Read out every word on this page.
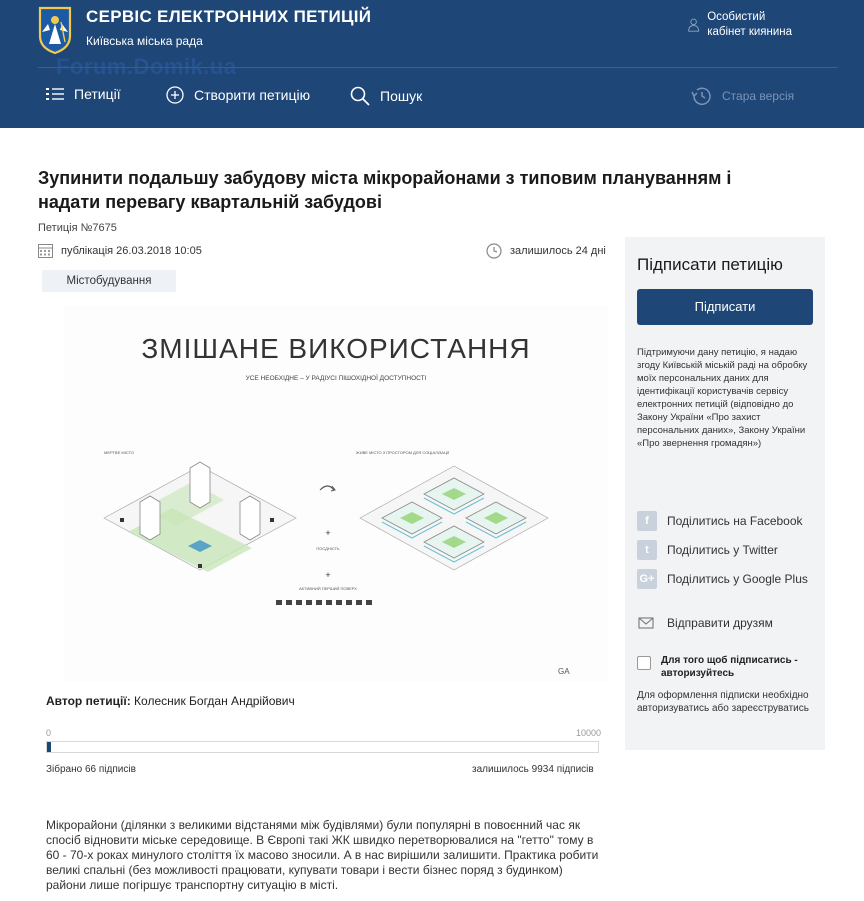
СЕРВІС ЕЛЕКТРОННИХ ПЕТИЦІЙ
Київська міська рада
Особистий кабінет киянина
Forum.Domik.ua
Петиції	Створити петицію	Пошук	Стара версія
Зупинити подальшу забудову міста мікрорайонами з типовим плануванням і надати перевагу квартальній забудові
Петиція №7675
публікація 26.03.2018 10:05	залишилось 24 дні
Містобудування
ЗМІШАНЕ ВИКОРИСТАННЯ
УСЕ НЕОБХІДНЕ – У РАДІУСІ ПІШОХІДНОЇ ДОСТУПНОСТІ
МЕРТВЕ МІСТО	ЖИВЕ МІСТО З ПРОСТОРОМ ДЛЯ СОЦІАЛІЗАЦІЇ
+
ПОСДНІСТЬ
+
АКТИВНИЙ ПЕРШИЙ ПОВЕРХ
GA
Автор петиції: Колесник Богдан Андрійович
0	10000
Зібрано 66 підписів	залишилось 9934 підписів

Мікрорайони (ділянки з великими відстанями між будівлями) були популярні в повоєнний час як спосіб відновити міське середовище. В Європі такі ЖК швидко перетворювалися на "гетто" тому в 60 - 70-х роках минулого століття їх масово зносили. А в нас вирішили залишити. Практика робити великі спальні (без можливості працювати, купувати товари і вести бізнес поряд з будинком) райони лише погіршує транспортну ситуацію в місті.

Підписати петицію
Підписати
Підтримуючи дану петицію, я надаю згоду Київській міській раді на обробку моїх персональних даних для ідентифікації користувачів сервісу електронних петицій (відповідно до Закону України «Про захист персональних даних», Закону України «Про звернення громадян»)
f	Поділитись на Facebook
t	Поділитись у Twitter
G+ Поділитись у Google Plus
Відправити друзям
Для того щоб підписатись - авторизуйтесь
Для оформлення підписки необхідно авторизуватись або зареєструватись
